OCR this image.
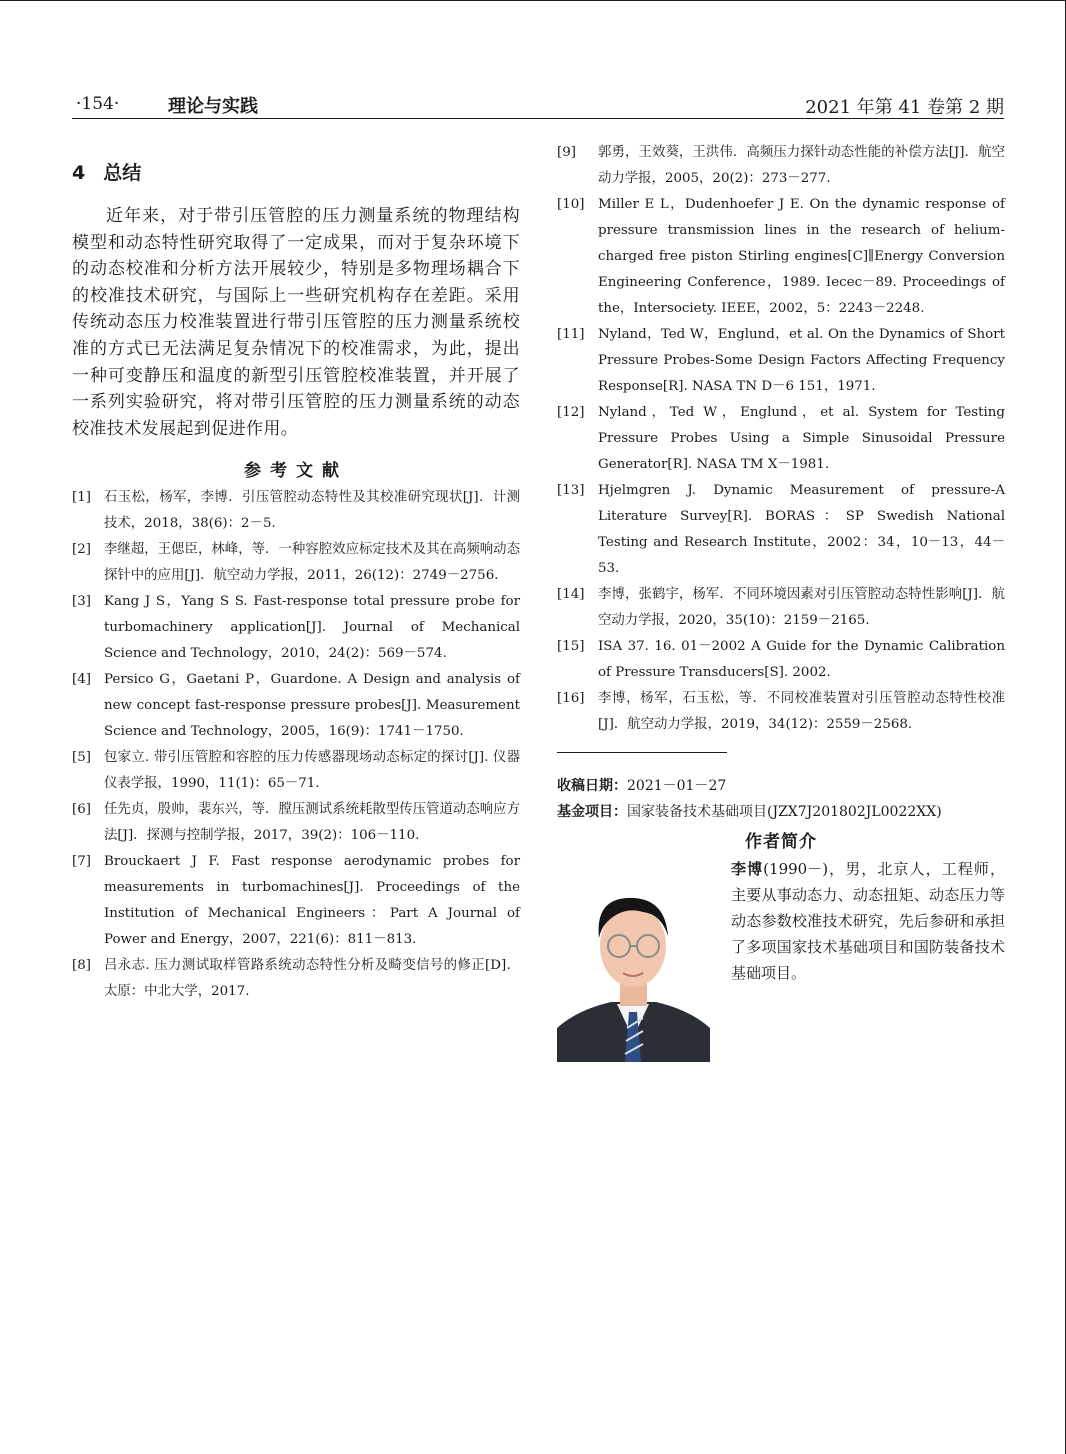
·154·	理论与实践	2021 年第 41 卷第 2 期
4 总结

近年来，对于带引压管腔的压力测量系统的物理结构模型和动态特性研究取得了一定成果，而对于复杂环境下的动态校准和分析方法开展较少，特别是多物理场耦合下的校准技术研究，与国际上一些研究机构存在差距。采用传统动态压力校准装置进行带引压管腔的压力测量系统校准的方式已无法满足复杂情况下的校准需求，为此，提出一种可变静压和温度的新型引压管腔校准装置，并开展了一系列实验研究，将对带引压管腔的压力测量系统的动态校准技术发展起到促进作用。

参考文献
[1] 石玉松，杨军，李博．引压管腔动态特性及其校准研究现状[J]．计测技术，2018，38(6)：2－5.
[2] 李继超，王偲臣，林峰，等．一种容腔效应标定技术及其在高频响动态探针中的应用[J]．航空动力学报，2011，26(12)：2749－2756.
[3] Kang J S，Yang S S. Fast-response total pressure probe for turbomachinery application[J]. Journal of Mechanical Science and Technology，2010，24(2)：569－574.
[4] Persico G，Gaetani P，Guardone. A Design and analysis of new concept fast-response pressure probes[J]. Measurement Science and Technology，2005，16(9)：1741－1750.
[5] 包家立. 带引压管腔和容腔的压力传感器现场动态标定的探讨[J]. 仪器仪表学报，1990，11(1)：65－71.
[6] 任先贞，殷帅，裴东兴，等．膛压测试系统耗散型传压管道动态响应方法[J]．探测与控制学报，2017，39(2)：106－110.
[7] Brouckaert J F. Fast response aerodynamic probes for measurements in turbomachines[J]. Proceedings of the Institution of Mechanical Engineers：Part A Journal of Power and Energy，2007，221(6)：811－813.
[8] 吕永志. 压力测试取样管路系统动态特性分析及畸变信号的修正[D]．太原：中北大学，2017.
[9] 郭勇，王效葵，王洪伟．高频压力探针动态性能的补偿方法[J]．航空动力学报，2005，20(2)：273－277.
[10] Miller E L，Dudenhoefer J E. On the dynamic response of pressure transmission lines in the research of helium-charged free piston Stirling engines[C]∥Energy Conversion Engineering Conference，1989. Iecec－89. Proceedings of the，Intersociety. IEEE，2002，5：2243－2248.
[11] Nyland，Ted W，Englund，et al. On the Dynamics of Short Pressure Probes-Some Design Factors Affecting Frequency Response[R]. NASA TN D－6 151，1971.
[12] Nyland，Ted W，Englund，et al. System for Testing Pressure Probes Using a Simple Sinusoidal Pressure Generator[R]. NASA TM X－1981.
[13] Hjelmgren J. Dynamic Measurement of pressure-A Literature Survey[R]. BORAS：SP Swedish National Testing and Research Institute，2002：34，10－13，44－53.
[14] 李博，张鹤宇，杨军．不同环境因素对引压管腔动态特性影响[J]．航空动力学报，2020，35(10)：2159－2165.
[15] ISA 37. 16. 01－2002 A Guide for the Dynamic Calibration of Pressure Transducers[S]. 2002.
[16] 李博，杨军，石玉松，等．不同校准装置对引压管腔动态特性校准[J]．航空动力学报，2019，34(12)：2559－2568.
收稿日期：2021－01－27
基金项目：国家装备技术基础项目(JZX7J201802JL0022XX)
作者简介
李博(1990－)，男，北京人，工程师，主要从事动态力、动态扭矩、动态压力等动态参数校准技术研究，先后参研和承担了多项国家技术基础项目和国防装备技术基础项目。
